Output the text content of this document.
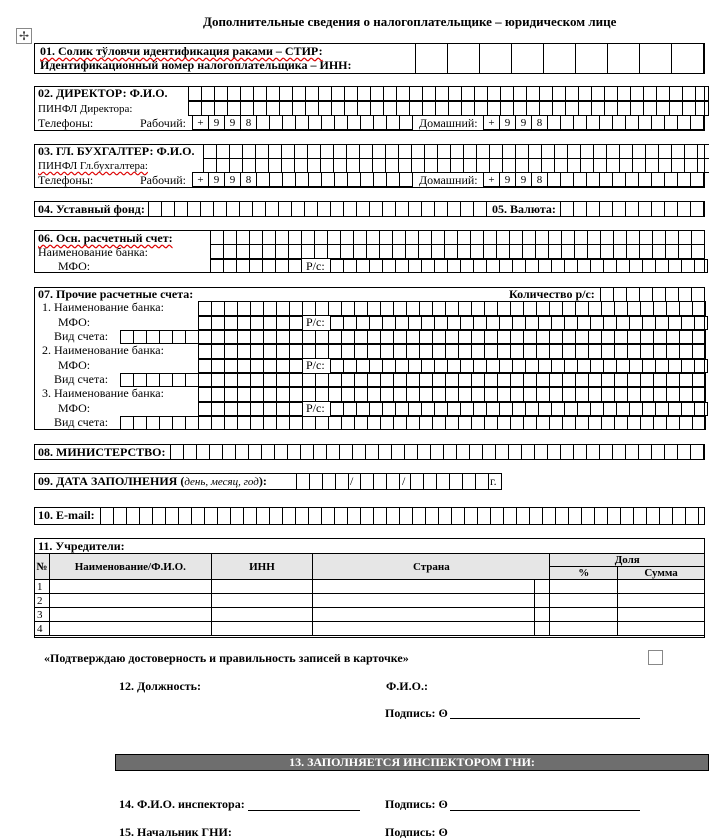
Дополнительные сведения о налогоплательщике – юридическом лице
✢
01. Солик тўловчи идентификация раками – СТИР:
Идентификационный номер налогоплательщика – ИНН:
02. ДИРЕКТОР: Ф.И.О.
ПИНФЛ Директора:
Телефоны:	Рабочий:	Домашний:
+ 9 9 8	+ 9 9 8
03. ГЛ. БУХГАЛТЕР: Ф.И.О.
ПИНФЛ Гл.бухгалтера:
Телефоны:	Рабочий:	Домашний:
+ 9 9 8	+ 9 9 8
04. Уставный фонд:	05. Валюта:
06. Осн. расчетный счет:
Наименование банка:
МФО:	Р/с:
07. Прочие расчетные счета:	Количество р/с:
1. Наименование банка:
МФО:	Р/с:
Вид счета:
2. Наименование банка:
МФО:	Р/с:
Вид счета:
3. Наименование банка:
МФО:	Р/с:
Вид счета:
08. МИНИСТЕРСТВО:
09. ДАТА ЗАПОЛНЕНИЯ (день, месяц, год):	/	/	г.
10. E-mail:
11. Учредители:
№	Наименование/Ф.И.О.	ИНН	Страна		Доля	
					%	Сумма
1						
2						
3						
4						
«Подтверждаю достоверность и правильность записей в карточке»
12. Должность:	Ф.И.О.:
Подпись: ʘ
13. ЗАПОЛНЯЕТСЯ ИНСПЕКТОРОМ ГНИ:
14. Ф.И.О. инспектора:	Подпись: ʘ
15. Начальник ГНИ:	Подпись: ʘ
